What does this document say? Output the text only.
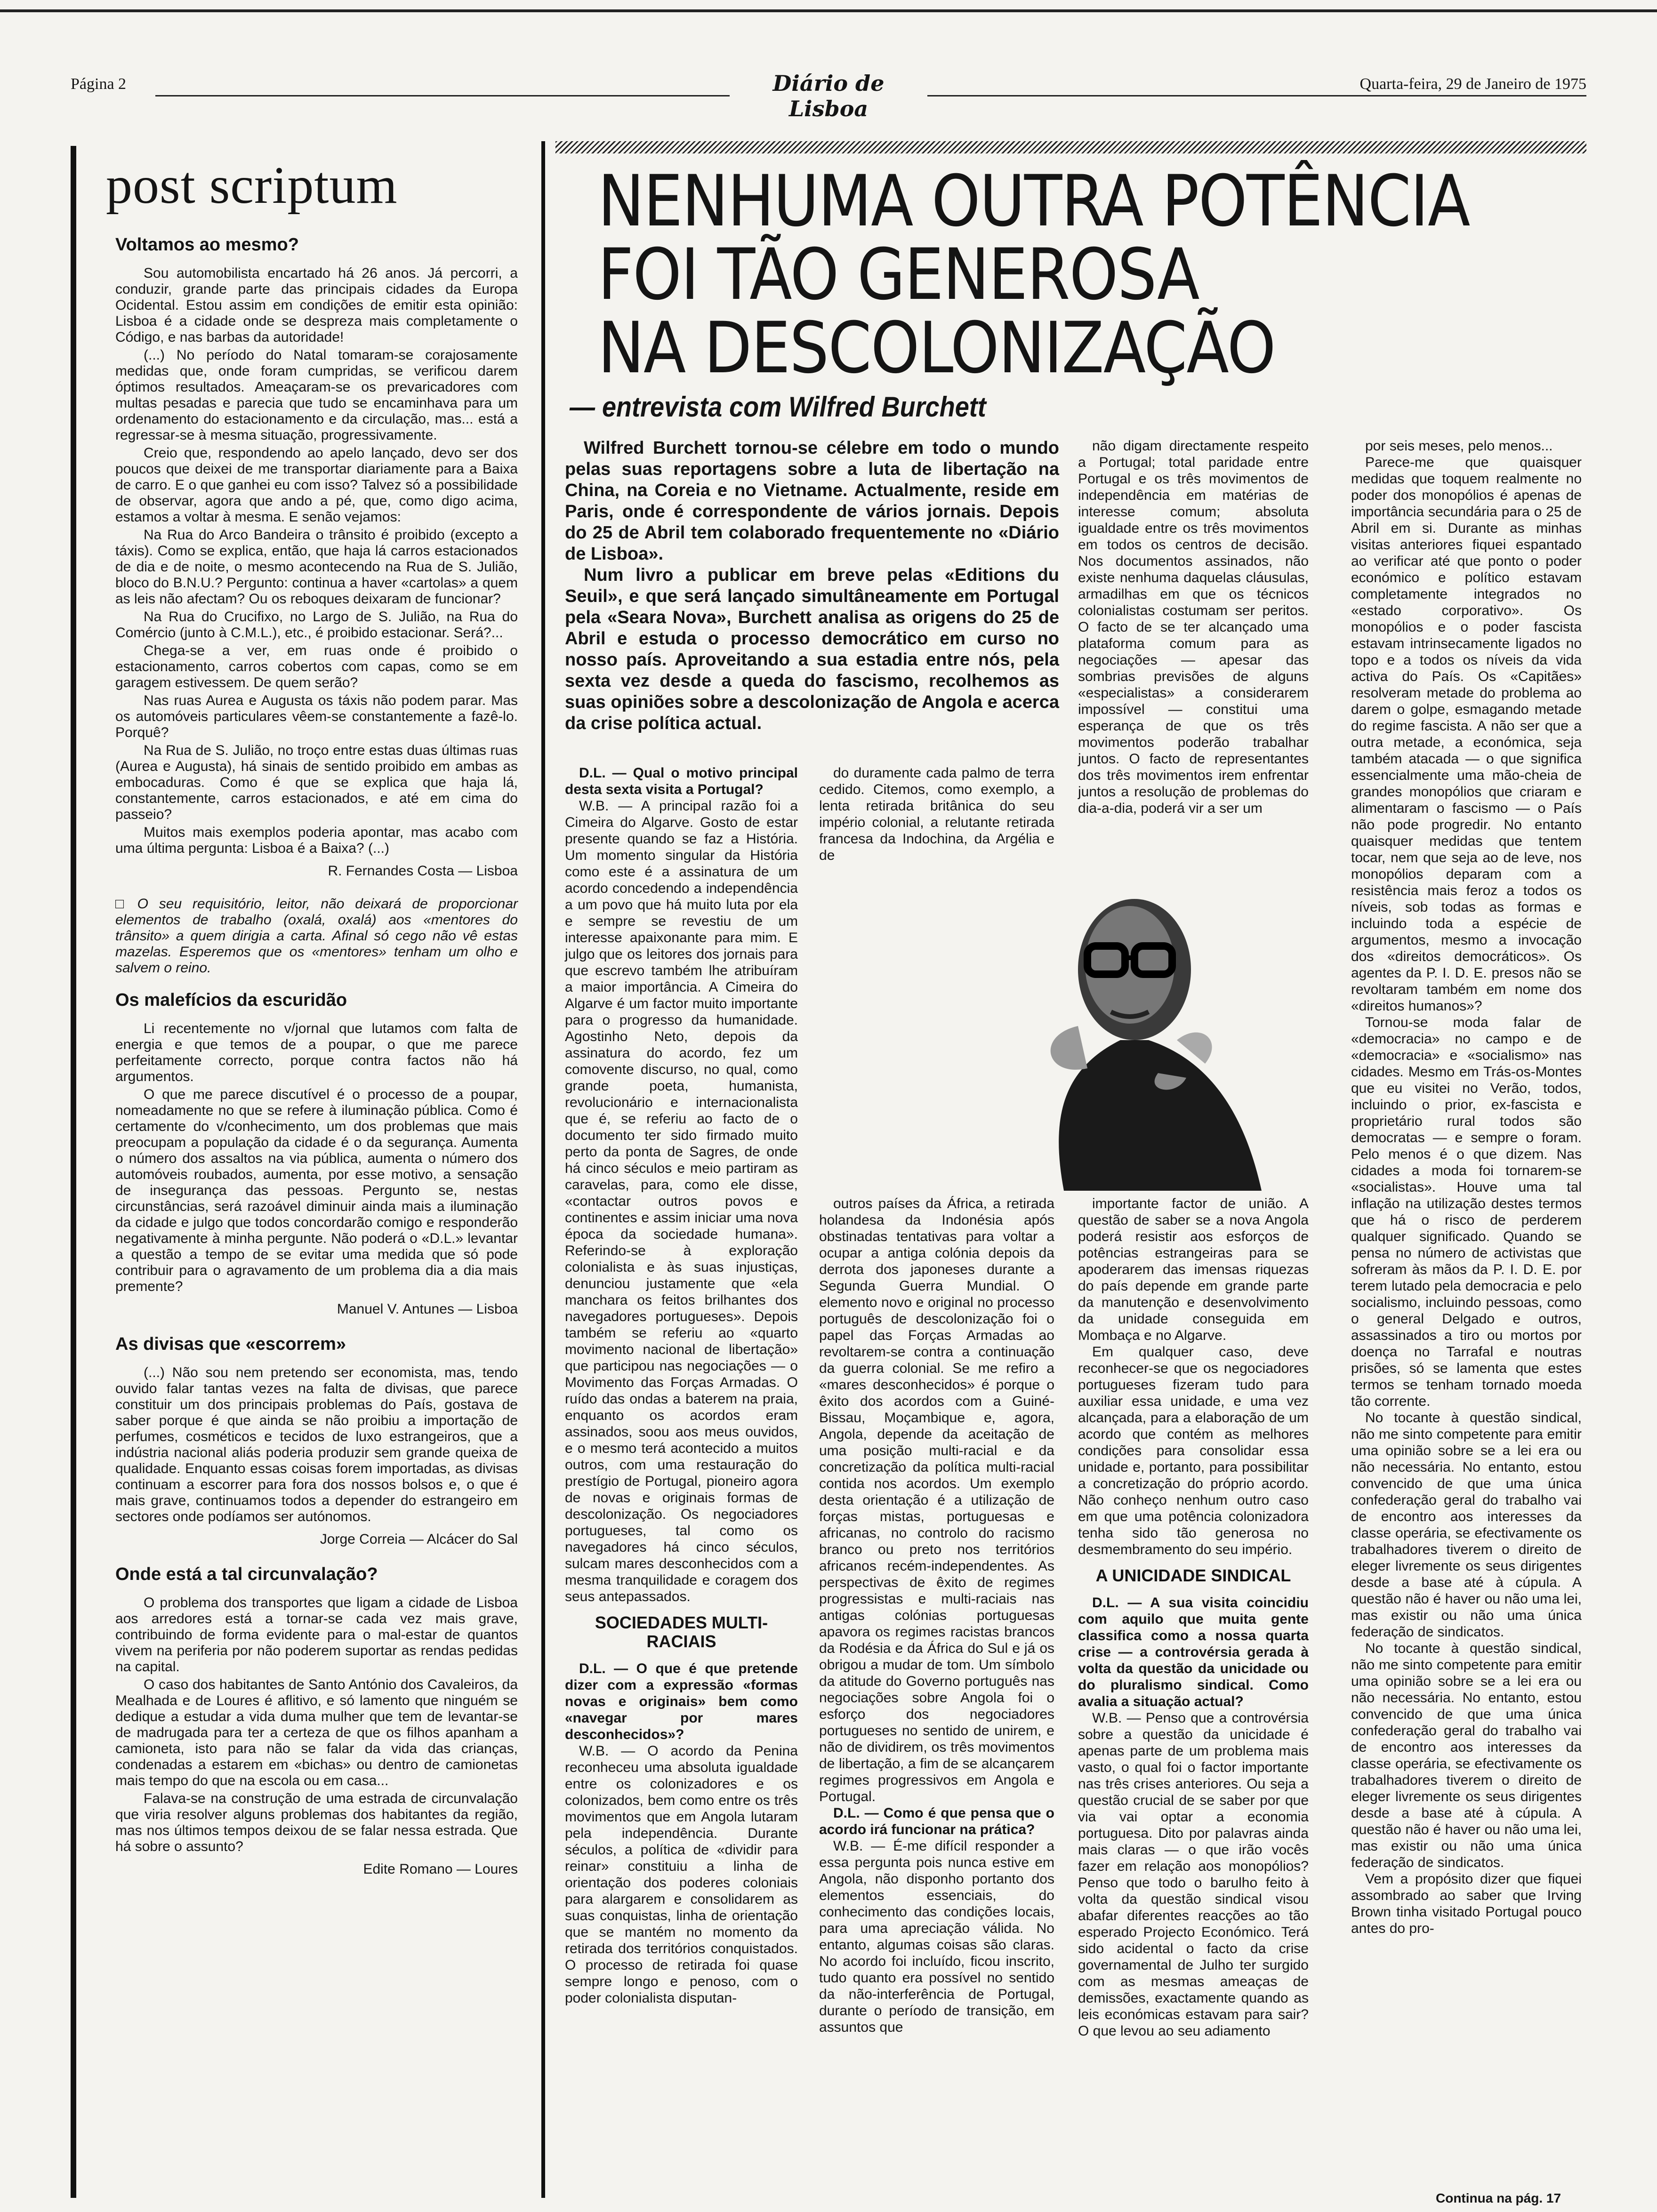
Página 2	Diário de Lisboa
Quarta-feira, 29 de Janeiro de 1975
post scriptum
Voltamos ao mesmo?

Sou automobilista encartado há 26 anos. Já percorri, a conduzir, grande parte das principais cidades da Europa Ocidental. Estou assim em condições de emitir esta opinião: Lisboa é a cidade onde se despreza mais completamente o Código, e nas barbas da autoridade!

(...) No período do Natal tomaram-se corajosamente medidas que, onde foram cumpridas, se verificou darem óptimos resultados. Ameaçaram-se os prevaricadores com multas pesadas e parecia que tudo se encaminhava para um ordenamento do estacionamento e da circulação, mas... está a regressar-se à mesma situação, progressivamente.

Creio que, respondendo ao apelo lançado, devo ser dos poucos que deixei de me transportar diariamente para a Baixa de carro. E o que ganhei eu com isso? Talvez só a possibilidade de observar, agora que ando a pé, que, como digo acima, estamos a voltar à mesma. E senão vejamos:

Na Rua do Arco Bandeira o trânsito é proibido (excepto a táxis). Como se explica, então, que haja lá carros estacionados de dia e de noite, o mesmo acontecendo na Rua de S. Julião, bloco do B.N.U.? Pergunto: continua a haver «cartolas» a quem as leis não afectam? Ou os reboques deixaram de funcionar?

Na Rua do Crucifixo, no Largo de S. Julião, na Rua do Comércio (junto à C.M.L.), etc., é proibido estacionar. Será?...

Chega-se a ver, em ruas onde é proibido o estacionamento, carros cobertos com capas, como se em garagem estivessem. De quem serão?

Nas ruas Aurea e Augusta os táxis não podem parar. Mas os automóveis particulares vêem-se constantemente a fazê-lo. Porquê?

Na Rua de S. Julião, no troço entre estas duas últimas ruas (Aurea e Augusta), há sinais de sentido proibido em ambas as embocaduras. Como é que se explica que haja lá, constantemente, carros estacionados, e até em cima do passeio?

Muitos mais exemplos poderia apontar, mas acabo com uma última pergunta: Lisboa é a Baixa? (...)

R. Fernandes Costa — Lisboa
□ O seu requisitório, leitor, não deixará de proporcionar elementos de trabalho (oxalá, oxalá) aos «mentores do trânsito» a quem dirigia a carta. Afinal só cego não vê estas mazelas. Esperemos que os «mentores» tenham um olho e salvem o reino.
Os malefícios da escuridão

Li recentemente no v/jornal que lutamos com falta de energia e que temos de a poupar, o que me parece perfeitamente correcto, porque contra factos não há argumentos.

O que me parece discutível é o processo de a poupar, nomeadamente no que se refere à iluminação pública. Como é certamente do v/conhecimento, um dos problemas que mais preocupam a população da cidade é o da segurança. Aumenta o número dos assaltos na via pública, aumenta o número dos automóveis roubados, aumenta, por esse motivo, a sensação de insegurança das pessoas. Pergunto se, nestas circunstâncias, será razoável diminuir ainda mais a iluminação da cidade e julgo que todos concordarão comigo e responderão negativamente à minha pergunte. Não poderá o «D.L.» levantar a questão a tempo de se evitar uma medida que só pode contribuir para o agravamento de um problema dia a dia mais premente?

Manuel V. Antunes — Lisboa
As divisas que «escorrem»

(...) Não sou nem pretendo ser economista, mas, tendo ouvido falar tantas vezes na falta de divisas, que parece constituir um dos principais problemas do País, gostava de saber porque é que ainda se não proibiu a importação de perfumes, cosméticos e tecidos de luxo estrangeiros, que a indústria nacional aliás poderia produzir sem grande queixa de qualidade. Enquanto essas coisas forem importadas, as divisas continuam a escorrer para fora dos nossos bolsos e, o que é mais grave, continuamos todos a depender do estrangeiro em sectores onde podíamos ser autónomos.

Jorge Correia — Alcácer do Sal
Onde está a tal circunvalação?

O problema dos transportes que ligam a cidade de Lisboa aos arredores está a tornar-se cada vez mais grave, contribuindo de forma evidente para o mal-estar de quantos vivem na periferia por não poderem suportar as rendas pedidas na capital.

O caso dos habitantes de Santo António dos Cavaleiros, da Mealhada e de Loures é aflitivo, e só lamento que ninguém se dedique a estudar a vida duma mulher que tem de levantar-se de madrugada para ter a certeza de que os filhos apanham a camioneta, isto para não se falar da vida das crianças, condenadas a estarem em «bichas» ou dentro de camionetas mais tempo do que na escola ou em casa...

Falava-se na construção de uma estrada de circunvalação que viria resolver alguns problemas dos habitantes da região, mas nos últimos tempos deixou de se falar nessa estrada. Que há sobre o assunto?

Edite Romano — Loures
NENHUMA OUTRA POTÊNCIA
FOI TÃO GENEROSA
NA DESCOLONIZAÇÃO
— entrevista com Wilfred Burchett

Wilfred Burchett tornou-se célebre em todo o mundo pelas suas reportagens sobre a luta de libertação na China, na Coreia e no Vietname. Actualmente, reside em Paris, onde é correspondente de vários jornais. Depois do 25 de Abril tem colaborado frequentemente no «Diário de Lisboa».

Num livro a publicar em breve pelas «Editions du Seuil», e que será lançado simultâneamente em Portugal pela «Seara Nova», Burchett analisa as origens do 25 de Abril e estuda o processo democrático em curso no nosso país. Aproveitando a sua estadia entre nós, pela sexta vez desde a queda do fascismo, recolhemos as suas opiniões sobre a descolonização de Angola e acerca da crise política actual.

D.L. — Qual o motivo principal desta sexta visita a Portugal?

W.B. — A principal razão foi a Cimeira do Algarve. Gosto de estar presente quando se faz a História. Um momento singular da História como este é a assinatura de um acordo concedendo a independência a um povo que há muito luta por ela e sempre se revestiu de um interesse apaixonante para mim. E julgo que os leitores dos jornais para que escrevo também lhe atribuíram a maior importância. A Cimeira do Algarve é um factor muito importante para o progresso da humanidade. Agostinho Neto, depois da assinatura do acordo, fez um comovente discurso, no qual, como grande poeta, humanista, revolucionário e internacionalista que é, se referiu ao facto de o documento ter sido firmado muito perto da ponta de Sagres, de onde há cinco séculos e meio partiram as caravelas, para, como ele disse, «contactar outros povos e continentes e assim iniciar uma nova época da sociedade humana». Referindo-se à exploração colonialista e às suas injustiças, denunciou justamente que «ela manchara os feitos brilhantes dos navegadores portugueses». Depois também se referiu ao «quarto movimento nacional de libertação» que participou nas negociações — o Movimento das Forças Armadas. O ruído das ondas a baterem na praia, enquanto os acordos eram assinados, soou aos meus ouvidos, e o mesmo terá acontecido a muitos outros, com uma restauração do prestígio de Portugal, pioneiro agora de novas e originais formas de descolonização. Os negociadores portugueses, tal como os navegadores há cinco séculos, sulcam mares desconhecidos com a mesma tranquilidade e coragem dos seus antepassados.

SOCIEDADES MULTI-RACIAIS

D.L. — O que é que pretende dizer com a expressão «formas novas e originais» bem como «navegar por mares desconhecidos»?

W.B. — O acordo da Penina reconheceu uma absoluta igualdade entre os colonizadores e os colonizados, bem como entre os três movimentos que em Angola lutaram pela independência. Durante séculos, a política de «dividir para reinar» constituiu a linha de orientação dos poderes coloniais para alargarem e consolidarem as suas conquistas, linha de orientação que se mantém no momento da retirada dos territórios conquistados. O processo de retirada foi quase sempre longo e penoso, com o poder colonialista disputan-

do duramente cada palmo de terra cedido. Citemos, como exemplo, a lenta retirada britânica do seu império colonial, a relutante retirada francesa da Indochina, da Argélia e de

outros países da África, a retirada holandesa da Indonésia após obstinadas tentativas para voltar a ocupar a antiga colónia depois da derrota dos japoneses durante a Segunda Guerra Mundial. O elemento novo e original no processo português de descolonização foi o papel das Forças Armadas ao revoltarem-se contra a continuação da guerra colonial. Se me refiro a «mares desconhecidos» é porque o êxito dos acordos com a Guiné-Bissau, Moçambique e, agora, Angola, depende da aceitação de uma posição multi-racial e da concretização da política multi-racial contida nos acordos. Um exemplo desta orientação é a utilização de forças mistas, portuguesas e africanas, no controlo do racismo branco ou preto nos territórios africanos recém-independentes. As perspectivas de êxito de regimes progressistas e multi-raciais nas antigas colónias portuguesas apavora os regimes racistas brancos da Rodésia e da África do Sul e já os obrigou a mudar de tom. Um símbolo da atitude do Governo português nas negociações sobre Angola foi o esforço dos negociadores portugueses no sentido de unirem, e não de dividirem, os três movimentos de libertação, a fim de se alcançarem regimes progressivos em Angola e Portugal.

D.L. — Como é que pensa que o acordo irá funcionar na prática?

W.B. — É-me difícil responder a essa pergunta pois nunca estive em Angola, não disponho portanto dos elementos essenciais, do conhecimento das condições locais, para uma apreciação válida. No entanto, algumas coisas são claras. No acordo foi incluído, ficou inscrito, tudo quanto era possível no sentido da não-interferência de Portugal, durante o período de transição, em assuntos que

não digam directamente respeito a Portugal; total paridade entre Portugal e os três movimentos de independência em matérias de interesse comum; absoluta igualdade entre os três movimentos em todos os centros de decisão. Nos documentos assinados, não existe nenhuma daquelas cláusulas, armadilhas em que os técnicos colonialistas costumam ser peritos. O facto de se ter alcançado uma plataforma comum para as negociações — apesar das sombrias previsões de alguns «especialistas» a considerarem impossível — constitui uma esperança de que os três movimentos poderão trabalhar juntos. O facto de representantes dos três movimentos irem enfrentar juntos a resolução de problemas do dia-a-dia, poderá vir a ser um

importante factor de união. A questão de saber se a nova Angola poderá resistir aos esforços de potências estrangeiras para se apoderarem das imensas riquezas do país depende em grande parte da manutenção e desenvolvimento da unidade conseguida em Mombaça e no Algarve.

Em qualquer caso, deve reconhecer-se que os negociadores portugueses fizeram tudo para auxiliar essa unidade, e uma vez alcançada, para a elaboração de um acordo que contém as melhores condições para consolidar essa unidade e, portanto, para possibilitar a concretização do próprio acordo. Não conheço nenhum outro caso em que uma potência colonizadora tenha sido tão generosa no desmembramento do seu império.

A UNICIDADE SINDICAL

D.L. — A sua visita coincidiu com aquilo que muita gente classifica como a nossa quarta crise — a controvérsia gerada à volta da questão da unicidade ou do pluralismo sindical. Como avalia a situação actual?

W.B. — Penso que a controvérsia sobre a questão da unicidade é apenas parte de um problema mais vasto, o qual foi o factor importante nas três crises anteriores. Ou seja a questão crucial de se saber por que via vai optar a economia portuguesa. Dito por palavras ainda mais claras — o que irão vocês fazer em relação aos monopólios? Penso que todo o barulho feito à volta da questão sindical visou abafar diferentes reacções ao tão esperado Projecto Económico. Terá sido acidental o facto da crise governamental de Julho ter surgido com as mesmas ameaças de demissões, exactamente quando as leis económicas estavam para sair? O que levou ao seu adiamento

por seis meses, pelo menos...

Parece-me que quaisquer medidas que toquem realmente no poder dos monopólios é apenas de importância secundária para o 25 de Abril em si. Durante as minhas visitas anteriores fiquei espantado ao verificar até que ponto o poder económico e político estavam completamente integrados no «estado corporativo». Os monopólios e o poder fascista estavam intrinsecamente ligados no topo e a todos os níveis da vida activa do País. Os «Capitães» resolveram metade do problema ao darem o golpe, esmagando metade do regime fascista. A não ser que a outra metade, a económica, seja também atacada — o que significa essencialmente uma mão-cheia de grandes monopólios que criaram e alimentaram o fascismo — o País não pode progredir. No entanto quaisquer medidas que tentem tocar, nem que seja ao de leve, nos monopólios deparam com a resistência mais feroz a todos os níveis, sob todas as formas e incluindo toda a espécie de argumentos, mesmo a invocação dos «direitos democráticos». Os agentes da P. I. D. E. presos não se revoltaram também em nome dos «direitos humanos»?

Tornou-se moda falar de «democracia» no campo e de «democracia» e «socialismo» nas cidades. Mesmo em Trás-os-Montes que eu visitei no Verão, todos, incluindo o prior, ex-fascista e proprietário rural todos são democratas — e sempre o foram. Pelo menos é o que dizem. Nas cidades a moda foi tornarem-se «socialistas». Houve uma tal inflação na utilização destes termos que há o risco de perderem qualquer significado. Quando se pensa no número de activistas que sofreram às mãos da P. I. D. E. por terem lutado pela democracia e pelo socialismo, incluindo pessoas, como o general Delgado e outros, assassinados a tiro ou mortos por doença no Tarrafal e noutras prisões, só se lamenta que estes termos se tenham tornado moeda tão corrente.

No tocante à questão sindical, não me sinto competente para emitir uma opinião sobre se a lei era ou não necessária. No entanto, estou convencido de que uma única confederação geral do trabalho vai de encontro aos interesses da classe operária, se efectivamente os trabalhadores tiverem o direito de eleger livremente os seus dirigentes desde a base até à cúpula. A questão não é haver ou não uma lei, mas existir ou não uma única federação de sindicatos.

No tocante à questão sindical, não me sinto competente para emitir uma opinião sobre se a lei era ou não necessária. No entanto, estou convencido de que uma única confederação geral do trabalho vai de encontro aos interesses da classe operária, se efectivamente os trabalhadores tiverem o direito de eleger livremente os seus dirigentes desde a base até à cúpula. A questão não é haver ou não uma lei, mas existir ou não uma única federação de sindicatos.

Vem a propósito dizer que fiquei assombrado ao saber que Irving Brown tinha visitado Portugal pouco antes do pro-

Continua na pág. 17
